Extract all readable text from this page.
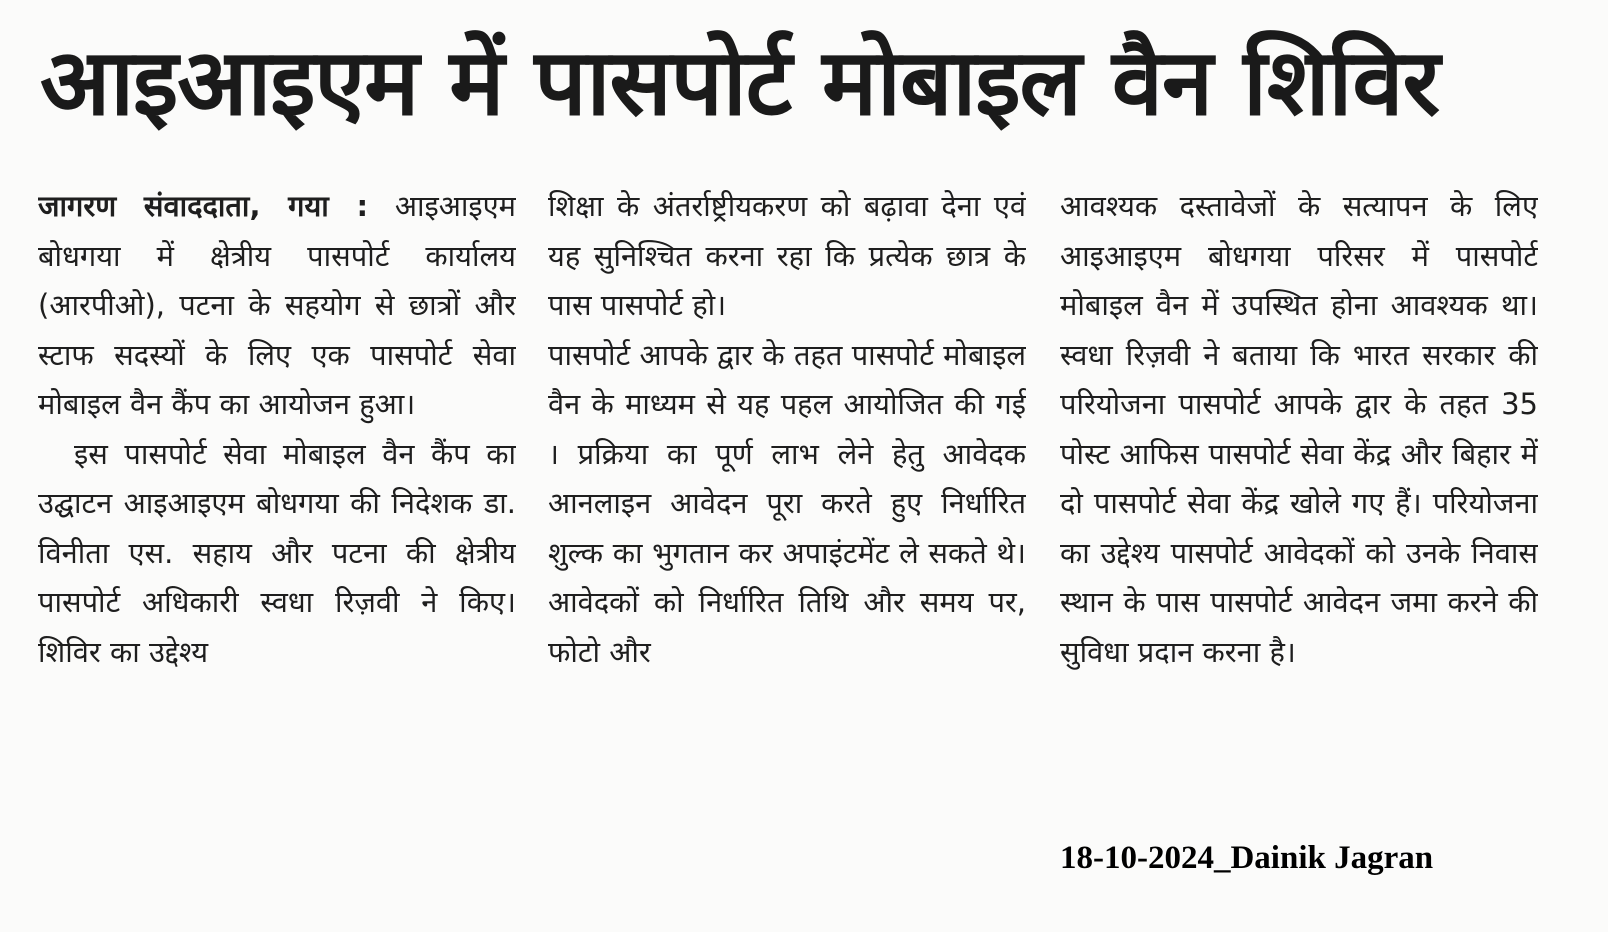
आइआइएम में पासपोर्ट मोबाइल वैन शिविर

जागरण संवाददाता, गया : आइआइएम बोधगया में क्षेत्रीय पासपोर्ट कार्यालय (आरपीओ), पटना के सहयोग से छात्रों और स्टाफ सदस्यों के लिए एक पासपोर्ट सेवा मोबाइल वैन कैंप का आयोजन हुआ।

इस पासपोर्ट सेवा मोबाइल वैन कैंप का उद्घाटन आइआइएम बोधगया की निदेशक डा. विनीता एस. सहाय और पटना की क्षेत्रीय पासपोर्ट अधिकारी स्वधा रिज़वी ने किए। शिविर का उद्देश्य

शिक्षा के अंतर्राष्ट्रीयकरण को बढ़ावा देना एवं यह सुनिश्चित करना रहा कि प्रत्येक छात्र के पास पासपोर्ट हो।

पासपोर्ट आपके द्वार के तहत पासपोर्ट मोबाइल वैन के माध्यम से यह पहल आयोजित की गई । प्रक्रिया का पूर्ण लाभ लेने हेतु आवेदक आनलाइन आवेदन पूरा करते हुए निर्धारित शुल्क का भुगतान कर अपाइंटमेंट ले सकते थे। आवेदकों को निर्धारित तिथि और समय पर, फोटो और

आवश्यक दस्तावेजों के सत्यापन के लिए आइआइएम बोधगया परिसर में पासपोर्ट मोबाइल वैन में उपस्थित होना आवश्यक था।स्वधा रिज़वी ने बताया कि भारत सरकार की परियोजना पासपोर्ट आपके द्वार के तहत 35 पोस्ट आफिस पासपोर्ट सेवा केंद्र और बिहार में दो पासपोर्ट सेवा केंद्र खोले गए हैं। परियोजना का उद्देश्य पासपोर्ट आवेदकों को उनके निवास स्थान के पास पासपोर्ट आवेदन जमा करने की सुविधा प्रदान करना है।

18-10-2024_Dainik Jagran
